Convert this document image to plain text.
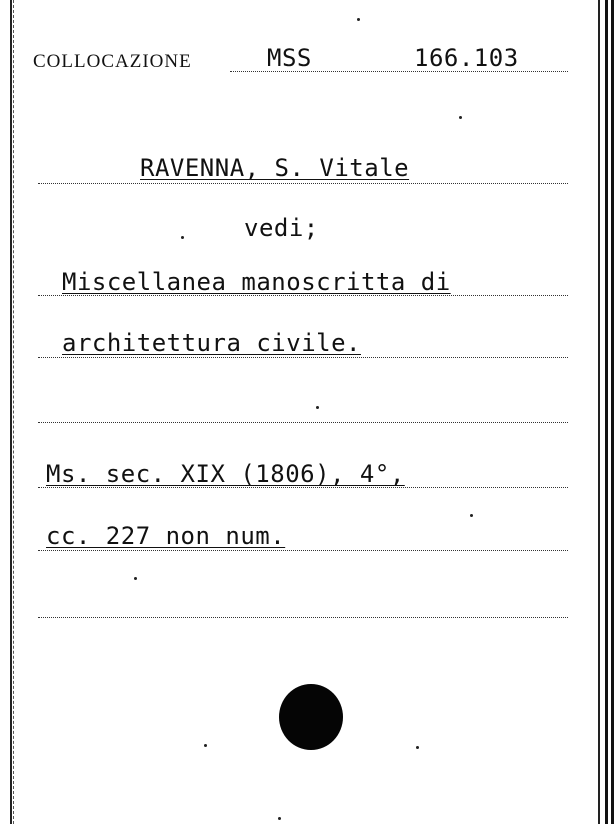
COLLOCAZIONE	MSS	166.103
RAVENNA, S. Vitale
vedi;
Miscellanea manoscritta di
architettura civile.
Ms. sec. XIX (1806), 4°,
cc. 227 non num.
